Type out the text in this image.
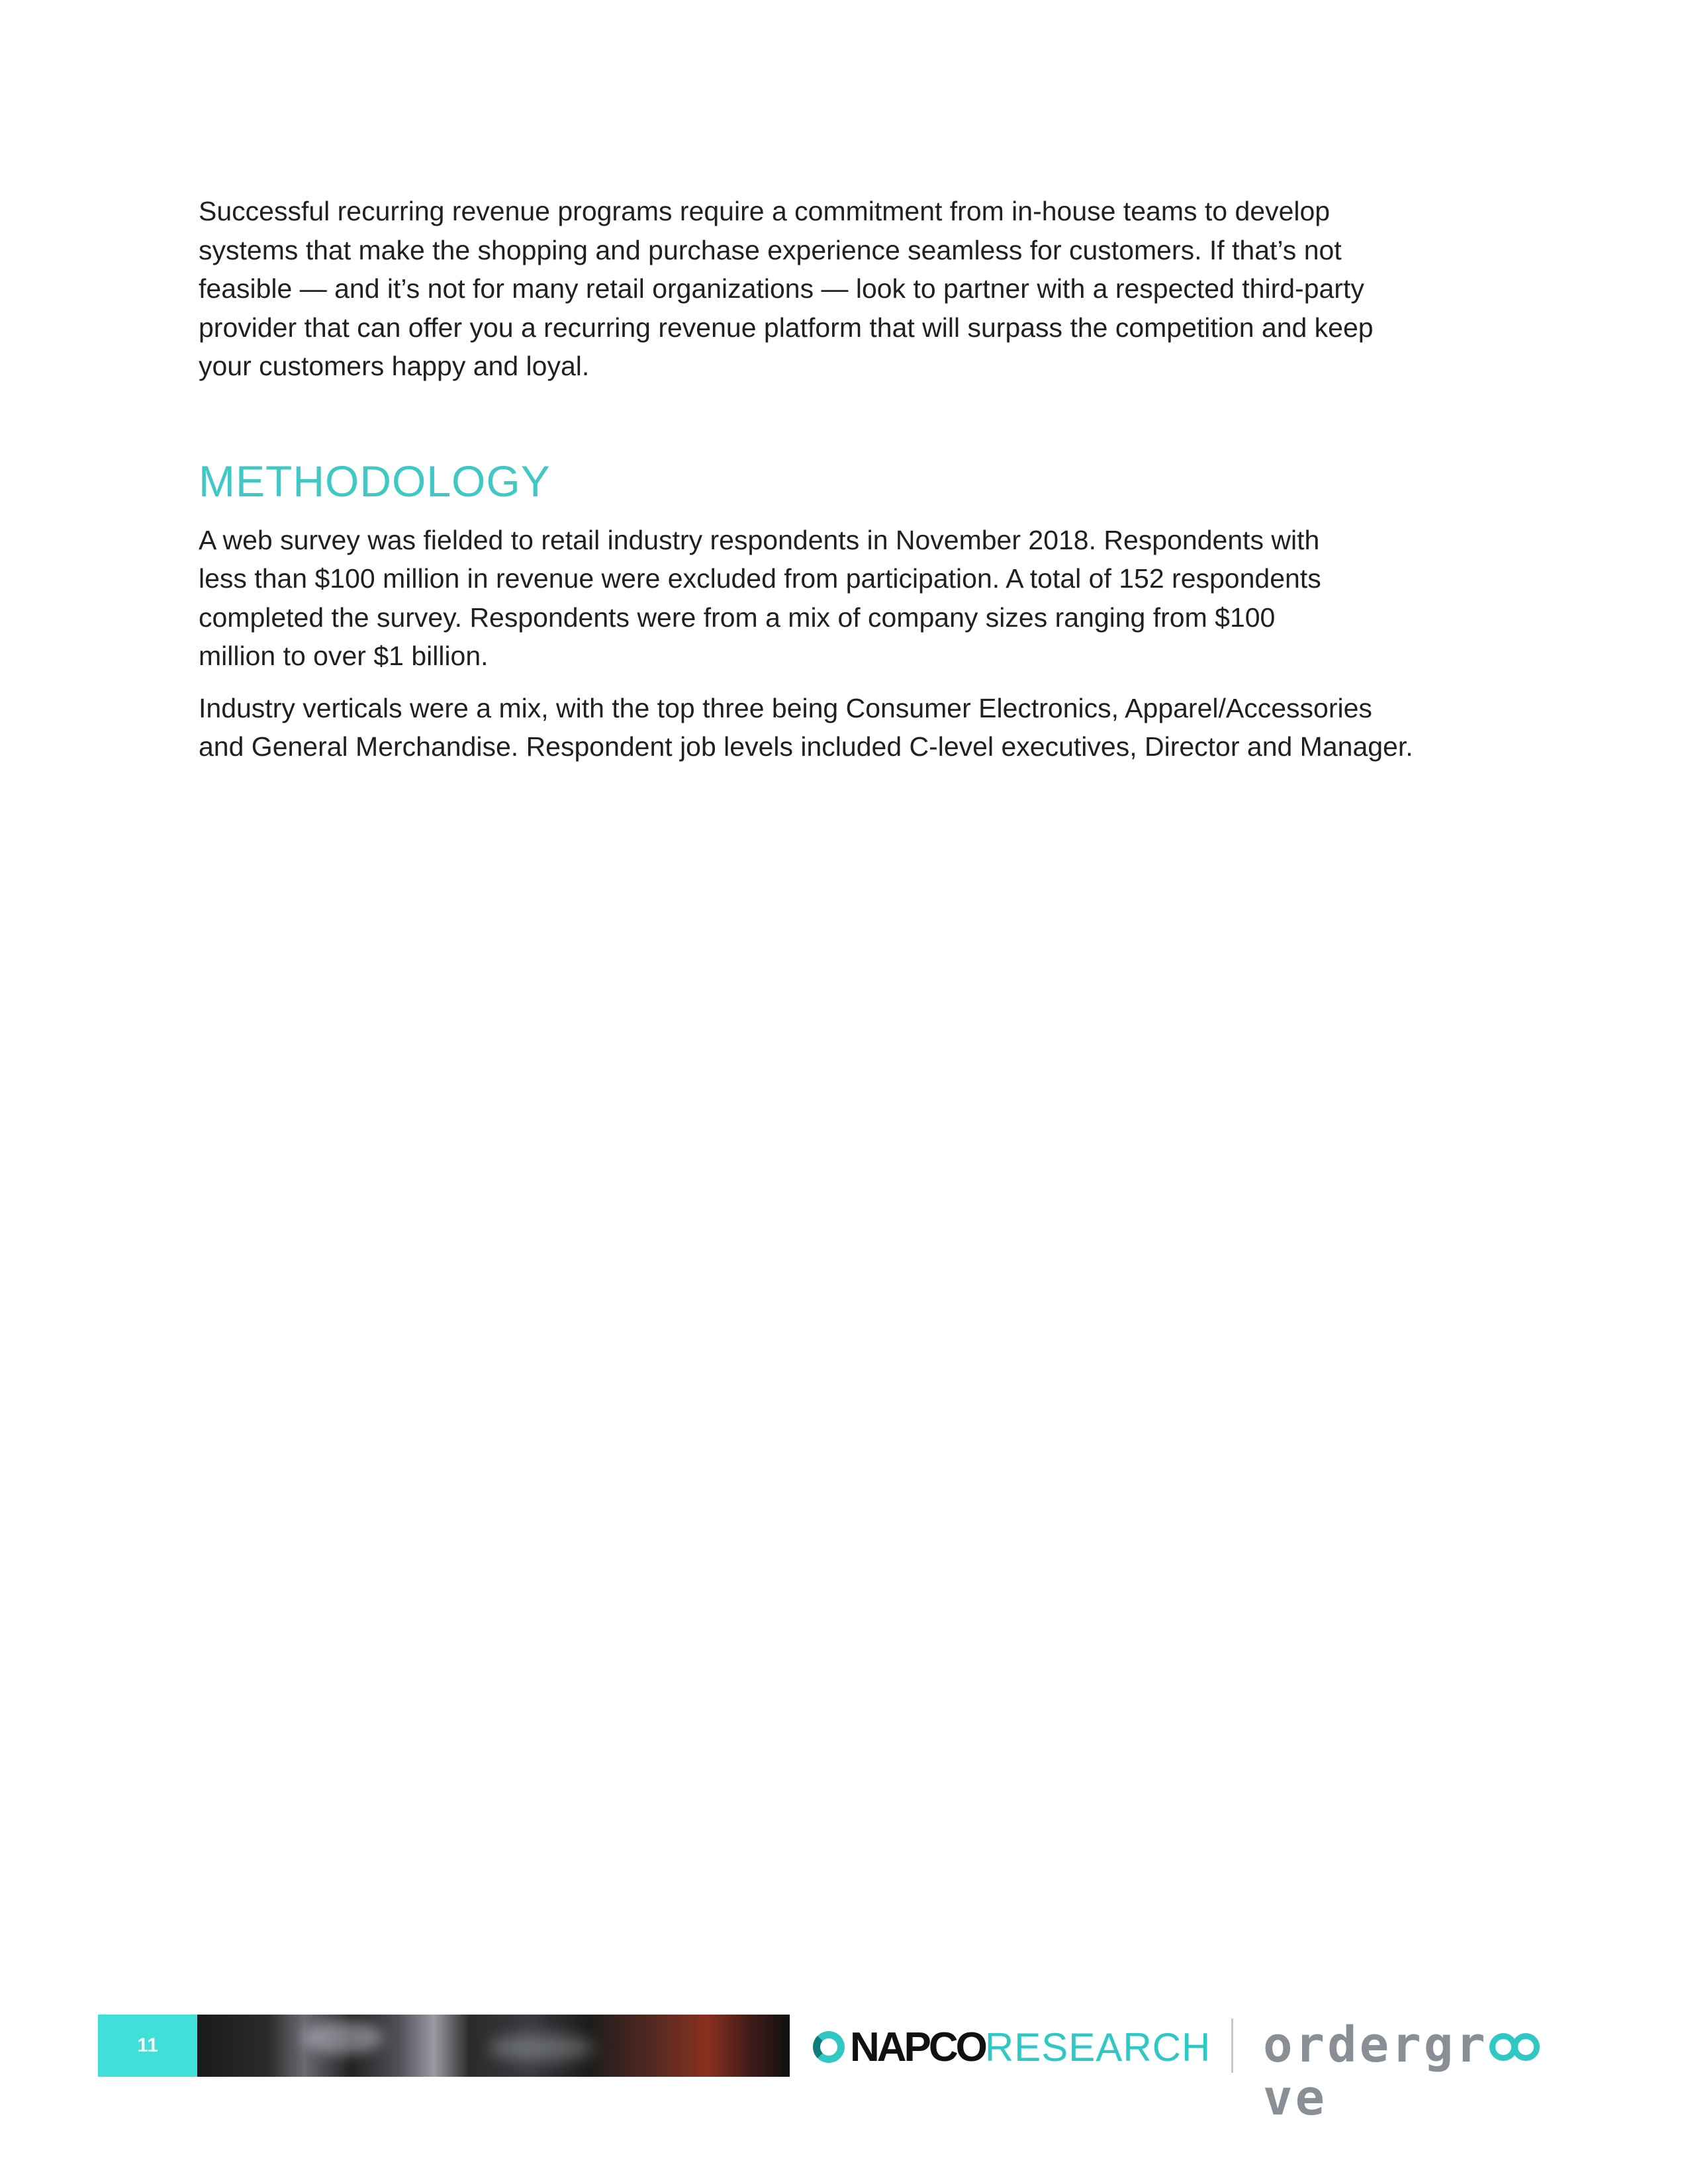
Successful recurring revenue programs require a commitment from in-house teams to develop
systems that make the shopping and purchase experience seamless for customers. If that’s not
feasible — and it’s not for many retail organizations — look to partner with a respected third-party
provider that can offer you a recurring revenue platform that will surpass the competition and keep
your customers happy and loyal.

METHODOLOGY

A web survey was fielded to retail industry respondents in November 2018. Respondents with
less than $100 million in revenue were excluded from participation. A total of 152 respondents
completed the survey. Respondents were from a mix of company sizes ranging from $100
million to over $1 billion.

Industry verticals were a mix, with the top three being Consumer Electronics, Apparel/Accessories
and General Merchandise. Respondent job levels included C-level executives, Director and Manager.

11	NAPCO RESEARCH ordergr
ve
